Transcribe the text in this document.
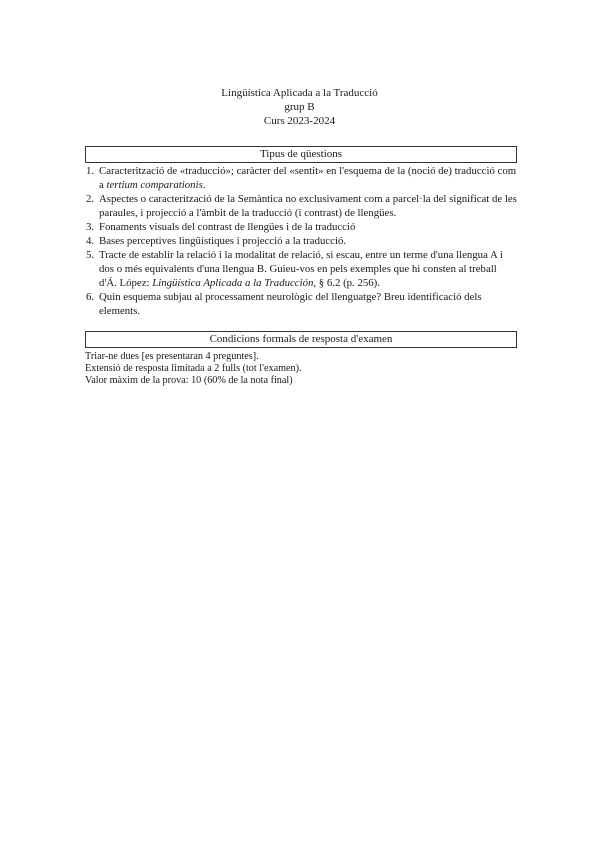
Lingüística Aplicada a la Traducció
grup B
Curs 2023-2024
Tipus de qüestions
1. Caracterització de «traducció»; caràcter del «sentit» en l'esquema de la (noció de) traducció com a tertium comparationis.
2. Aspectes o caracterització de la Semàntica no exclusivament com a parcel·la del significat de les paraules, i projecció a l'àmbit de la traducció (i contrast) de llengües.
3. Fonaments visuals del contrast de llengües i de la traducció
4. Bases perceptives lingüístiques i projecció a la traducció.
5. Tracte de establir la relació i la modalitat de relació, si escau, entre un terme d'una llengua A i dos o més equivalents d'una llengua B. Guieu-vos en pels exemples que hi consten al treball d'Á. López: Lingüística Aplicada a la Traducción, § 6.2 (p. 256).
6. Quin esquema subjau al processament neurològic del llenguatge? Breu identificació dels elements.
Condicions formals de resposta d'examen
Triar-ne dues [es presentaran 4 preguntes].
Extensió de resposta limitada a 2 fulls (tot l'examen).
Valor màxim de la prova: 10 (60% de la nota final)
